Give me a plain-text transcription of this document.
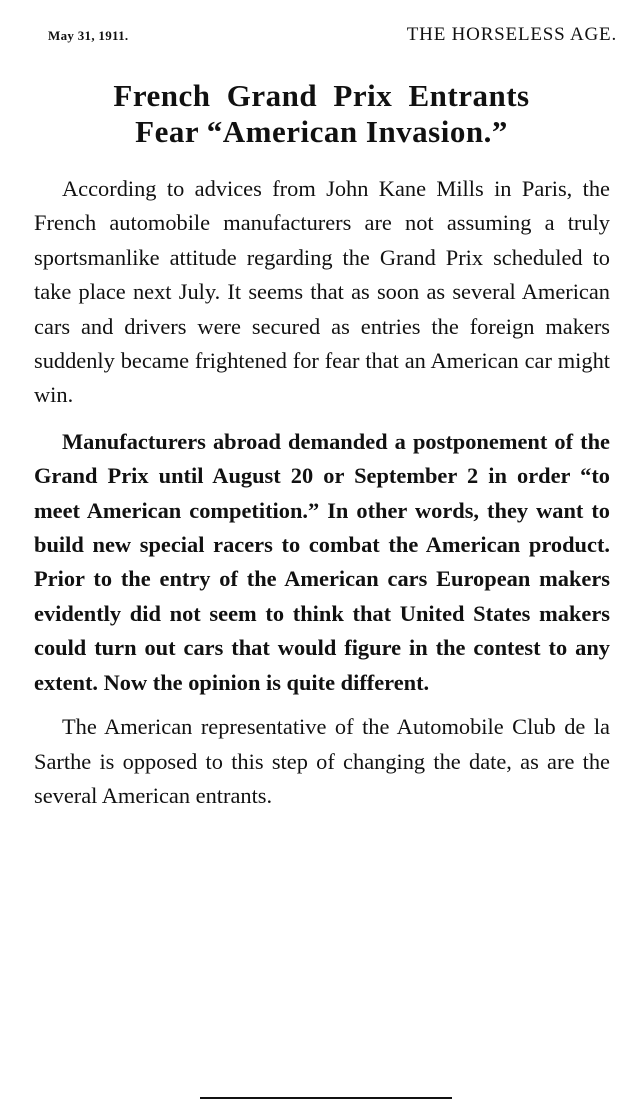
May 31, 1911.	THE HORSELESS AGE.
French Grand Prix Entrants
Fear “American Invasion.”

According to advices from John Kane Mills in Paris, the French automobile manufacturers are not assuming a truly sportsmanlike attitude regarding the Grand Prix scheduled to take place next July. It seems that as soon as several American cars and drivers were secured as entries the foreign makers suddenly became frightened for fear that an American car might win.

Manufacturers abroad demanded a postponement of the Grand Prix until August 20 or September 2 in order “to meet American competition.” In other words, they want to build new special racers to combat the American product. Prior to the entry of the American cars European makers evidently did not seem to think that United States makers could turn out cars that would figure in the contest to any extent. Now the opinion is quite different.

The American representative of the Automobile Club de la Sarthe is opposed to this step of changing the date, as are the several American entrants.
